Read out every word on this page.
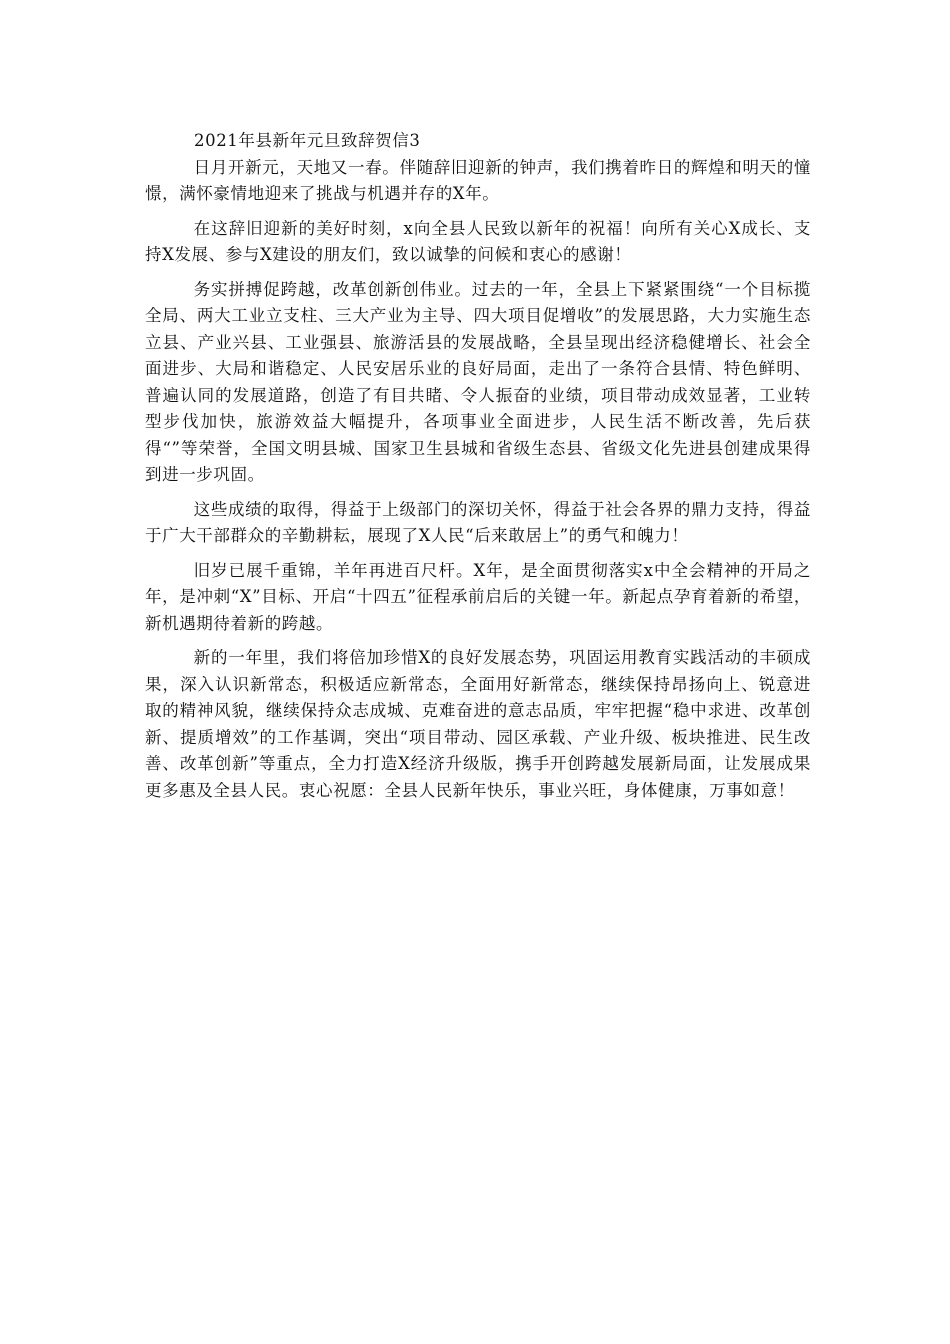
2021年县新年元旦致辞贺信3

日月开新元，天地又一春。伴随辞旧迎新的钟声，我们携着昨日的辉煌和明天的憧憬，满怀豪情地迎来了挑战与机遇并存的X年。

在这辞旧迎新的美好时刻，x向全县人民致以新年的祝福！向所有关心X成长、支持X发展、参与X建设的朋友们，致以诚挚的问候和衷心的感谢！

务实拼搏促跨越，改革创新创伟业。过去的一年，全县上下紧紧围绕“一个目标揽全局、两大工业立支柱、三大产业为主导、四大项目促增收”的发展思路，大力实施生态立县、产业兴县、工业强县、旅游活县的发展战略，全县呈现出经济稳健增长、社会全面进步、大局和谐稳定、人民安居乐业的良好局面，走出了一条符合县情、特色鲜明、普遍认同的发展道路，创造了有目共睹、令人振奋的业绩，项目带动成效显著，工业转型步伐加快，旅游效益大幅提升，各项事业全面进步，人民生活不断改善，先后获得“”等荣誉，全国文明县城、国家卫生县城和省级生态县、省级文化先进县创建成果得到进一步巩固。

这些成绩的取得，得益于上级部门的深切关怀，得益于社会各界的鼎力支持，得益于广大干部群众的辛勤耕耘，展现了X人民“后来敢居上”的勇气和魄力！

旧岁已展千重锦，羊年再进百尺杆。X年，是全面贯彻落实x中全会精神的开局之年，是冲刺“X”目标、开启“十四五”征程承前启后的关键一年。新起点孕育着新的希望，新机遇期待着新的跨越。

新的一年里，我们将倍加珍惜X的良好发展态势，巩固运用教育实践活动的丰硕成果，深入认识新常态，积极适应新常态，全面用好新常态，继续保持昂扬向上、锐意进取的精神风貌，继续保持众志成城、克难奋进的意志品质，牢牢把握“稳中求进、改革创新、提质增效”的工作基调，突出“项目带动、园区承载、产业升级、板块推进、民生改善、改革创新”等重点，全力打造X经济升级版，携手开创跨越发展新局面，让发展成果更多惠及全县人民。衷心祝愿：全县人民新年快乐，事业兴旺，身体健康，万事如意！
